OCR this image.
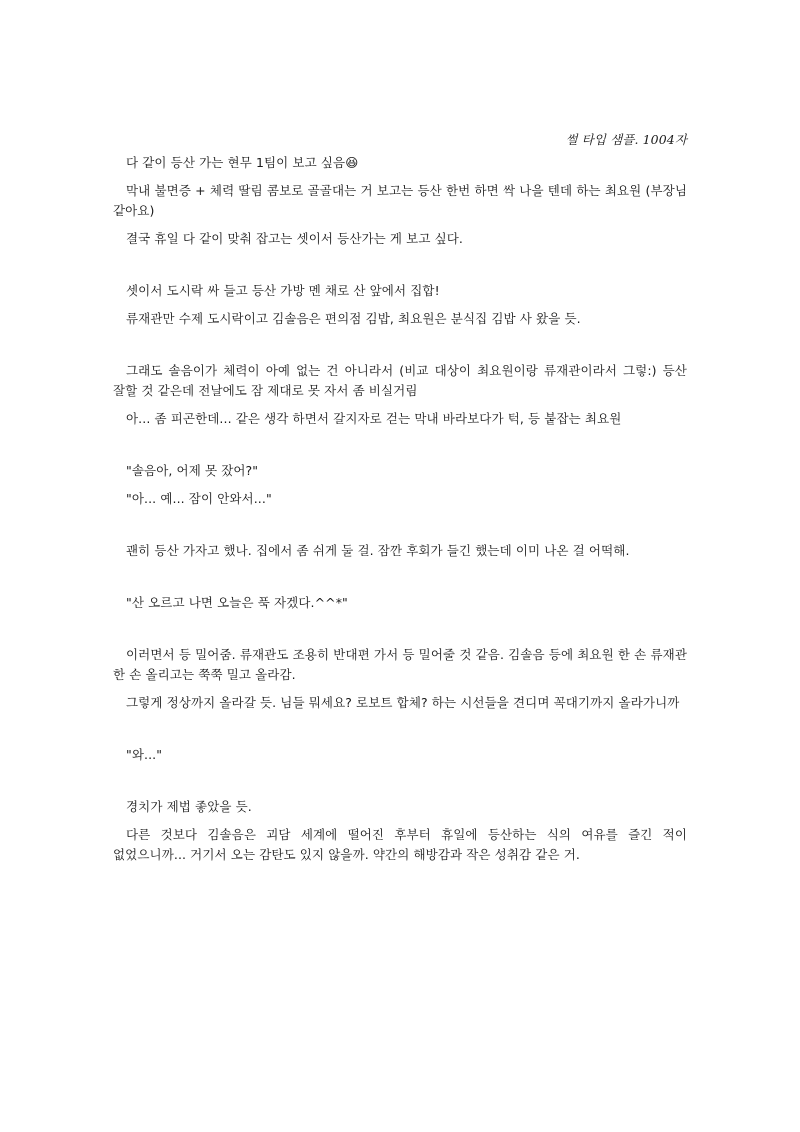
썰 타입 샘플. 1004자

다 같이 등산 가는 현무 1팀이 보고 싶음😆

막내 불면증 + 체력 딸림 콤보로 골골대는 거 보고는 등산 한번 하면 싹 나을 텐데 하는 최요원 (부장님 같아요)

결국 휴일 다 같이 맞춰 잡고는 셋이서 등산가는 게 보고 싶다.

셋이서 도시락 싸 들고 등산 가방 멘 채로 산 앞에서 집합!

류재관만 수제 도시락이고 김솔음은 편의점 김밥, 최요원은 분식집 김밥 사 왔을 듯.

그래도 솔음이가 체력이 아예 없는 건 아니라서 (비교 대상이 최요원이랑 류재관이라서 그렇:) 등산 잘할 것 같은데 전날에도 잠 제대로 못 자서 좀 비실거림

아... 좀 피곤한데... 같은 생각 하면서 갈지자로 걷는 막내 바라보다가 턱, 등 붙잡는 최요원

"솔음아, 어제 못 잤어?"

"아... 예... 잠이 안와서..."

괜히 등산 가자고 했나. 집에서 좀 쉬게 둘 걸. 잠깐 후회가 들긴 했는데 이미 나온 걸 어떡해.

"산 오르고 나면 오늘은 푹 자겠다.^^*"

이러면서 등 밀어줌. 류재관도 조용히 반대편 가서 등 밀어줄 것 같음. 김솔음 등에 최요원 한 손 류재관 한 손 올리고는 쭉쭉 밀고 올라감.

그렇게 정상까지 올라갈 듯. 님들 뭐세요? 로보트 합체? 하는 시선들을 견디며 꼭대기까지 올라가니까

"와..."

경치가 제법 좋았을 듯.

다른 것보다 김솔음은 괴담 세계에 떨어진 후부터 휴일에 등산하는 식의 여유를 즐긴 적이 없었으니까... 거기서 오는 감탄도 있지 않을까. 약간의 해방감과 작은 성취감 같은 거.
